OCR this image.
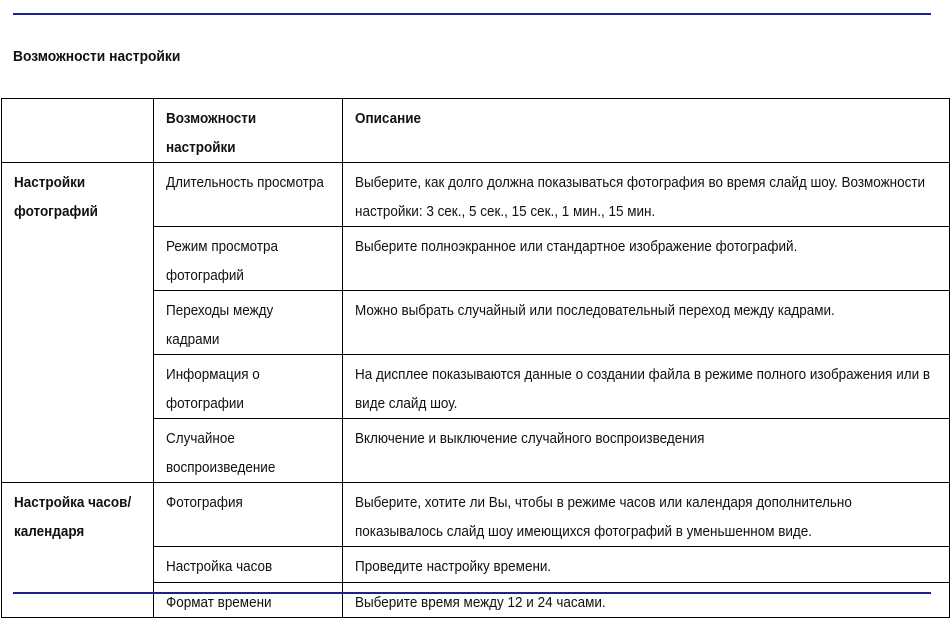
Возможности настройки
	Возможности настройки	Описание
Настройки фотографий	Длительность просмотра	Выберите, как долго должна показываться фотография во время слайд шоу. Возможности настройки: 3 сек., 5 сек., 15 сек., 1 мин., 15 мин.
	Режим просмотра фотографий	Выберите полноэкранное или стандартное изображение фотографий.
	Переходы между кадрами	Можно выбрать случайный или последовательный переход между кадрами.
	Информация о фотографии	На дисплее показываются данные о создании файла в режиме полного изображения или в виде слайд шоу.
	Случайное воспроизведение	Включение и выключение случайного воспроизведения
Настройка часов/календаря	Фотография	Выберите, хотите ли Вы, чтобы в режиме часов или календаря дополнительно показывалось слайд шоу имеющихся фотографий в уменьшенном виде.
	Настройка часов	Проведите настройку времени.
	Формат времени	Выберите время между 12 и 24 часами.
